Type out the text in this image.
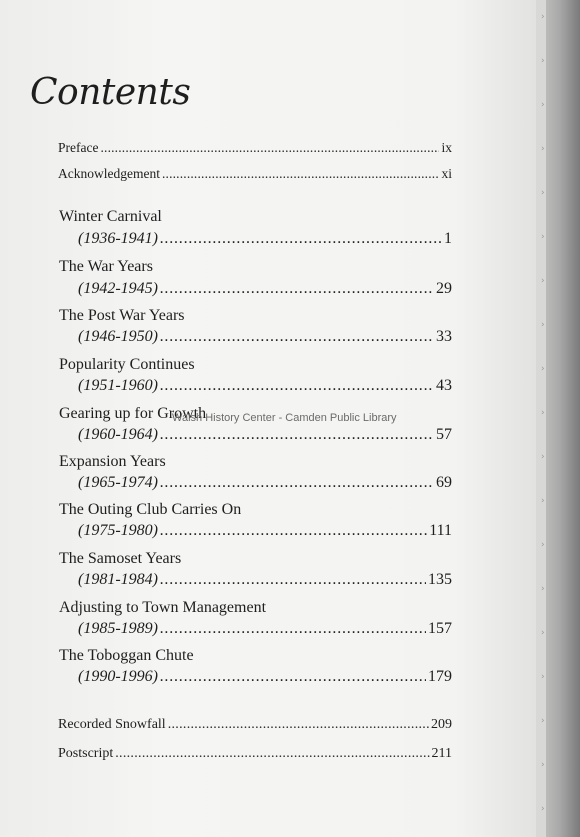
Contents
Preface . . .	ix
Acknowledgement . . .	xi
Winter Carnival
(1936-1941) . . .	1
The War Years
(1942-1945) . . .	29
The Post War Years
(1946-1950) . . .	33
Popularity Continues
(1951-1960) . . .	43
Gearing up for Growth
(1960-1964) . . .	57
Expansion Years
(1965-1974) . . .	69
The Outing Club Carries On
(1975-1980) . . .	111
The Samoset Years
(1981-1984) . . .	135
Adjusting to Town Management
(1985-1989) . . .	157
The Toboggan Chute
(1990-1996) . . .	179
Recorded Snowfall . . .	209
Postscript . . .	211
Walsh History Center - Camden Public Library
›
›
›
›
›
›
›
›
›
›
›
›
›
›
›
›
›
›
›
